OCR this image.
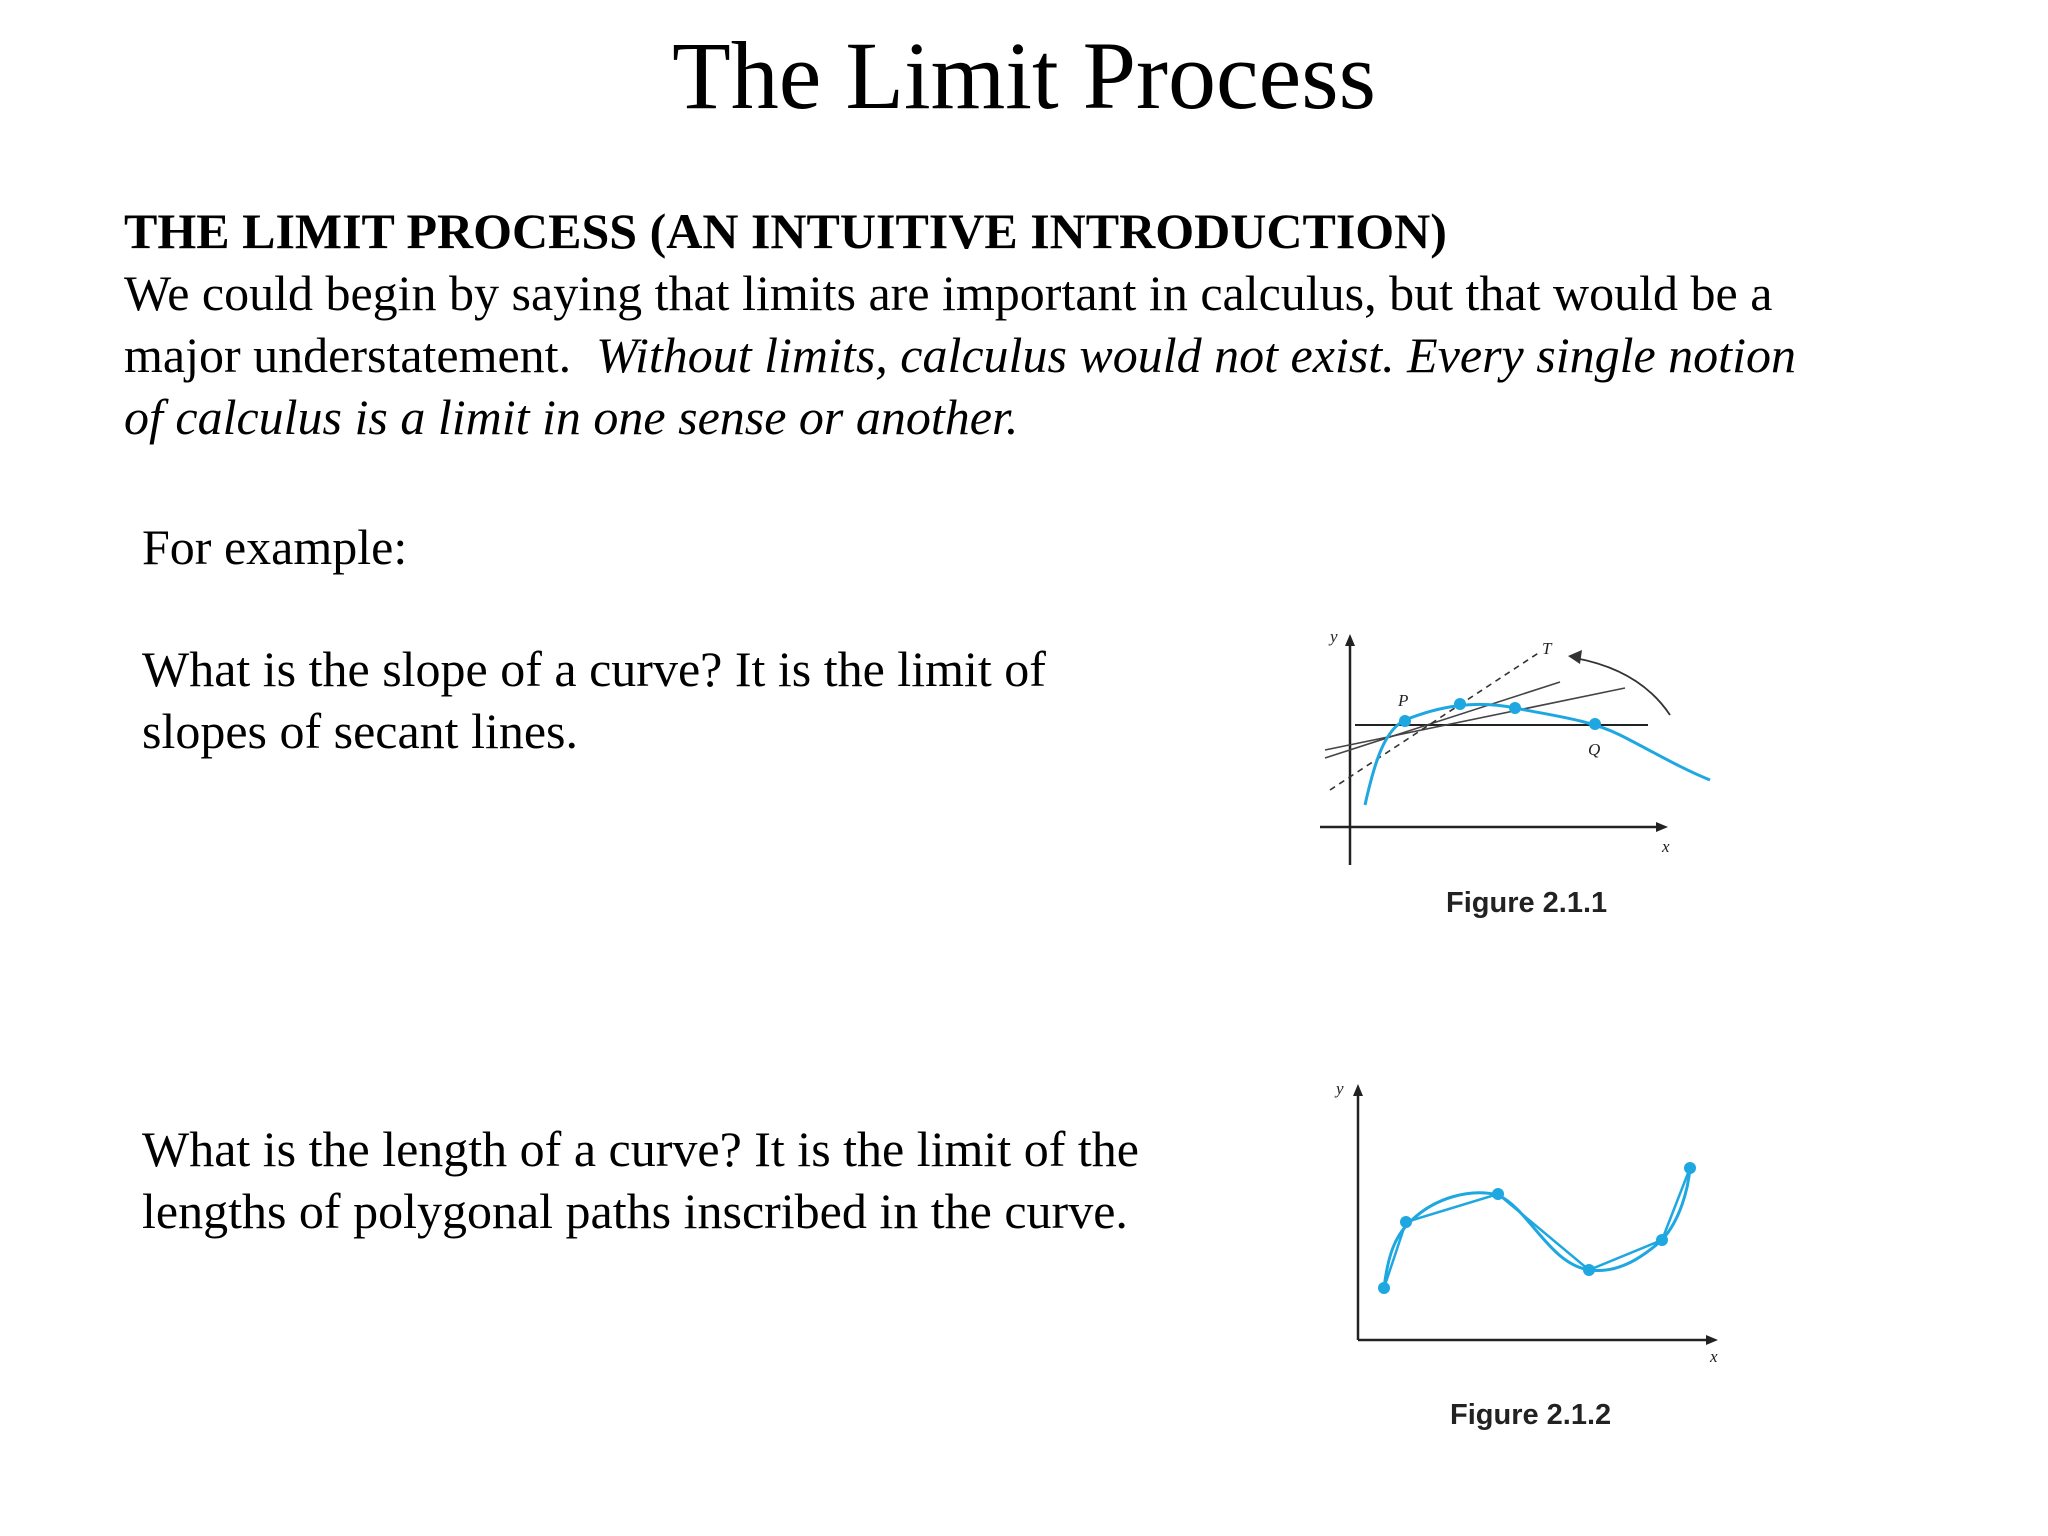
The Limit Process
THE LIMIT PROCESS (AN INTUITIVE INTRODUCTION)
We could begin by saying that limits are important in calculus, but that would be a major understatement. Without limits, calculus would not exist. Every single notion of calculus is a limit in one sense or another.

For example:

What is the slope of a curve? It is the limit of slopes of secant lines.

What is the length of a curve? It is the limit of the lengths of polygonal paths inscribed in the curve.

y
x
T
P
Q
Figure 2.1.1
y
x
Figure 2.1.2
